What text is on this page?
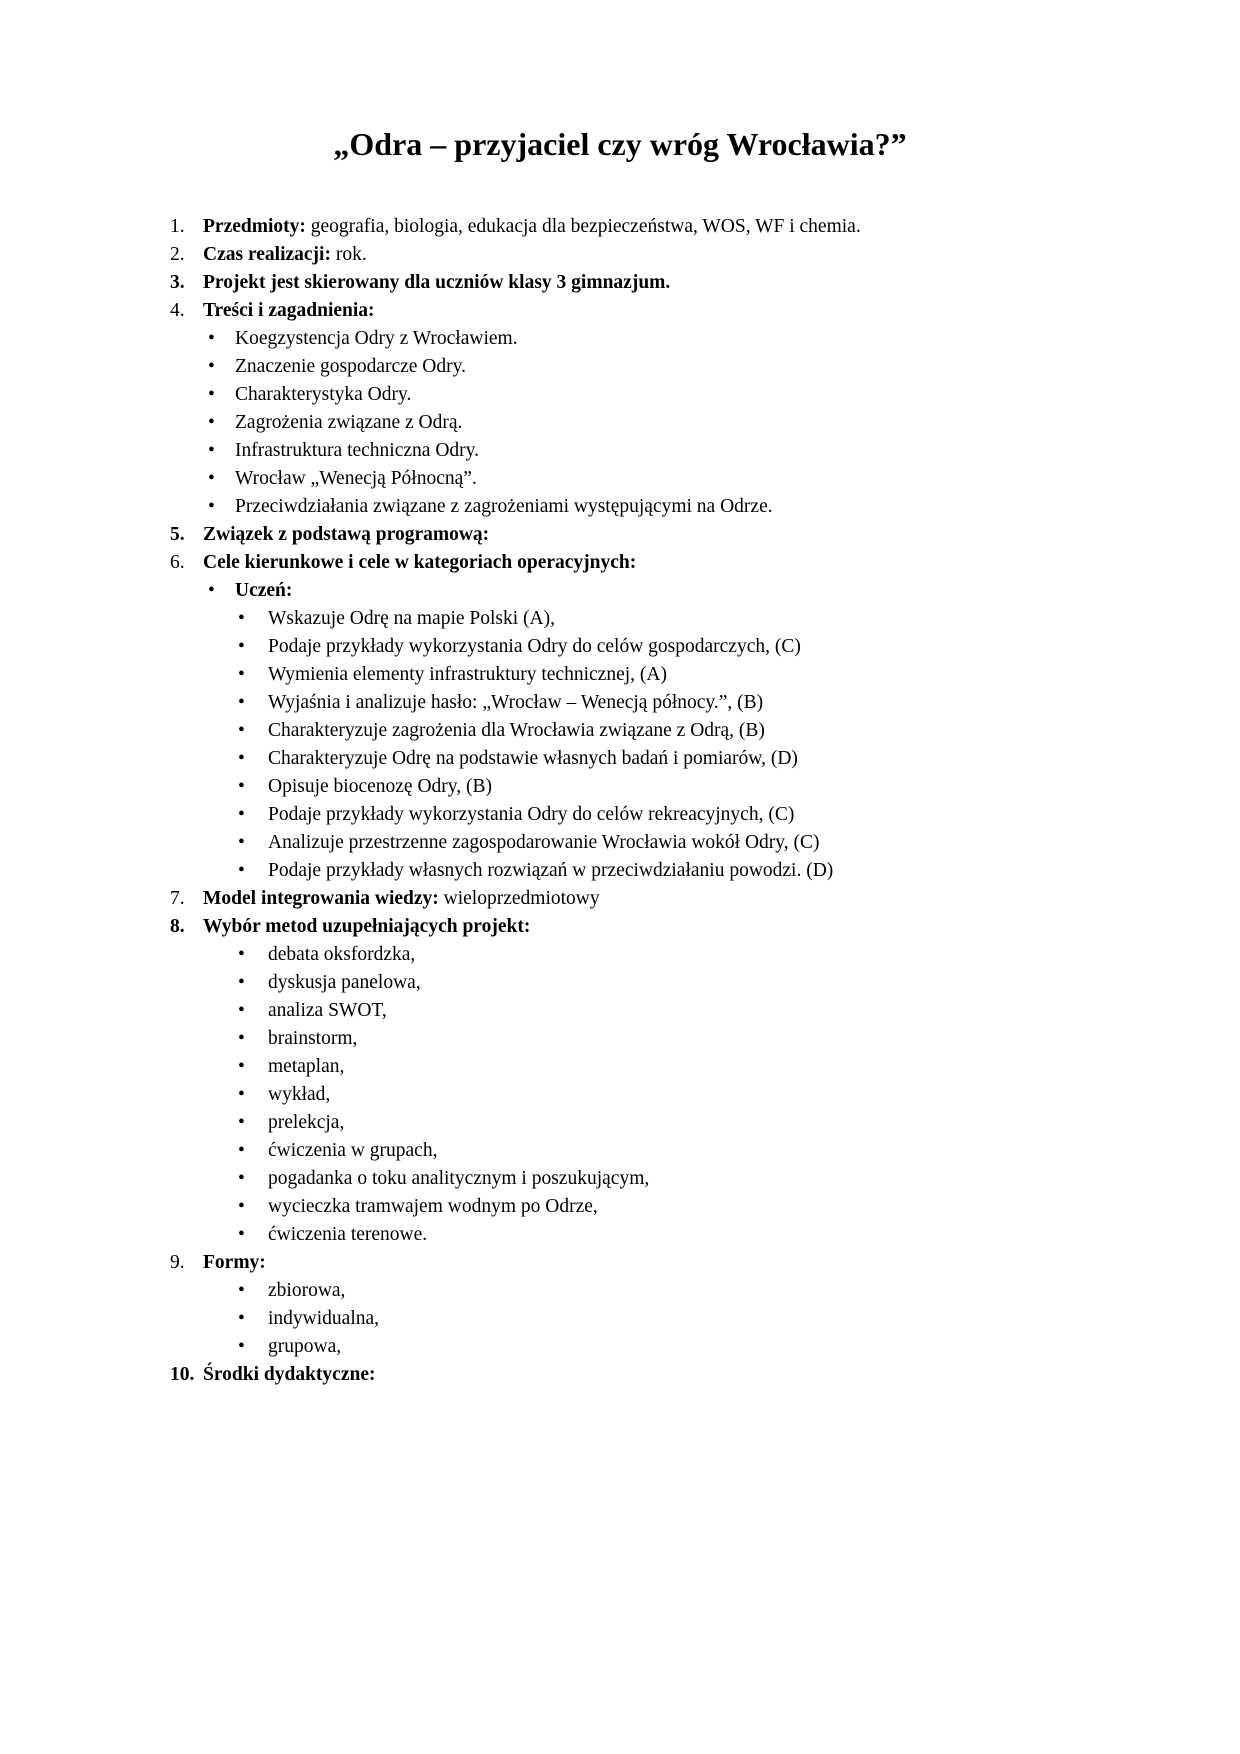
„Odra – przyjaciel czy wróg Wrocławia?”
1. Przedmioty: geografia, biologia, edukacja dla bezpieczeństwa, WOS, WF i chemia.
2. Czas realizacji: rok.
3. Projekt jest skierowany dla uczniów klasy 3 gimnazjum.
4. Treści i zagadnienia:
•	Koegzystencja Odry z Wrocławiem.
•	Znaczenie gospodarcze Odry.
•	Charakterystyka Odry.
•	Zagrożenia związane z Odrą.
•	Infrastruktura techniczna Odry.
•	Wrocław „Wenecją Północną”.
•	Przeciwdziałania związane z zagrożeniami występującymi na Odrze.
5. Związek z podstawą programową:
6. Cele kierunkowe i cele w kategoriach operacyjnych:
•	Uczeń:
•	Wskazuje Odrę na mapie Polski (A),
•	Podaje przykłady wykorzystania Odry do celów gospodarczych, (C)
•	Wymienia elementy infrastruktury technicznej, (A)
•	Wyjaśnia i analizuje hasło: „Wrocław – Wenecją północy.”, (B)
•	Charakteryzuje zagrożenia dla Wrocławia związane z Odrą, (B)
•	Charakteryzuje Odrę na podstawie własnych badań i pomiarów, (D)
•	Opisuje biocenozę Odry, (B)
•	Podaje przykłady wykorzystania Odry do celów rekreacyjnych, (C)
•	Analizuje przestrzenne zagospodarowanie Wrocławia wokół Odry, (C)
•	Podaje przykłady własnych rozwiązań w przeciwdziałaniu powodzi. (D)
7. Model integrowania wiedzy: wieloprzedmiotowy
8. Wybór metod uzupełniających projekt:
•	debata oksfordzka,
•	dyskusja panelowa,
•	analiza SWOT,
•	brainstorm,
•	metaplan,
•	wykład,
•	prelekcja,
•	ćwiczenia w grupach,
•	pogadanka o toku analitycznym i poszukującym,
•	wycieczka tramwajem wodnym po Odrze,
•	ćwiczenia terenowe.
9. Formy:
•	zbiorowa,
•	indywidualna,
•	grupowa,
10. Środki dydaktyczne:
